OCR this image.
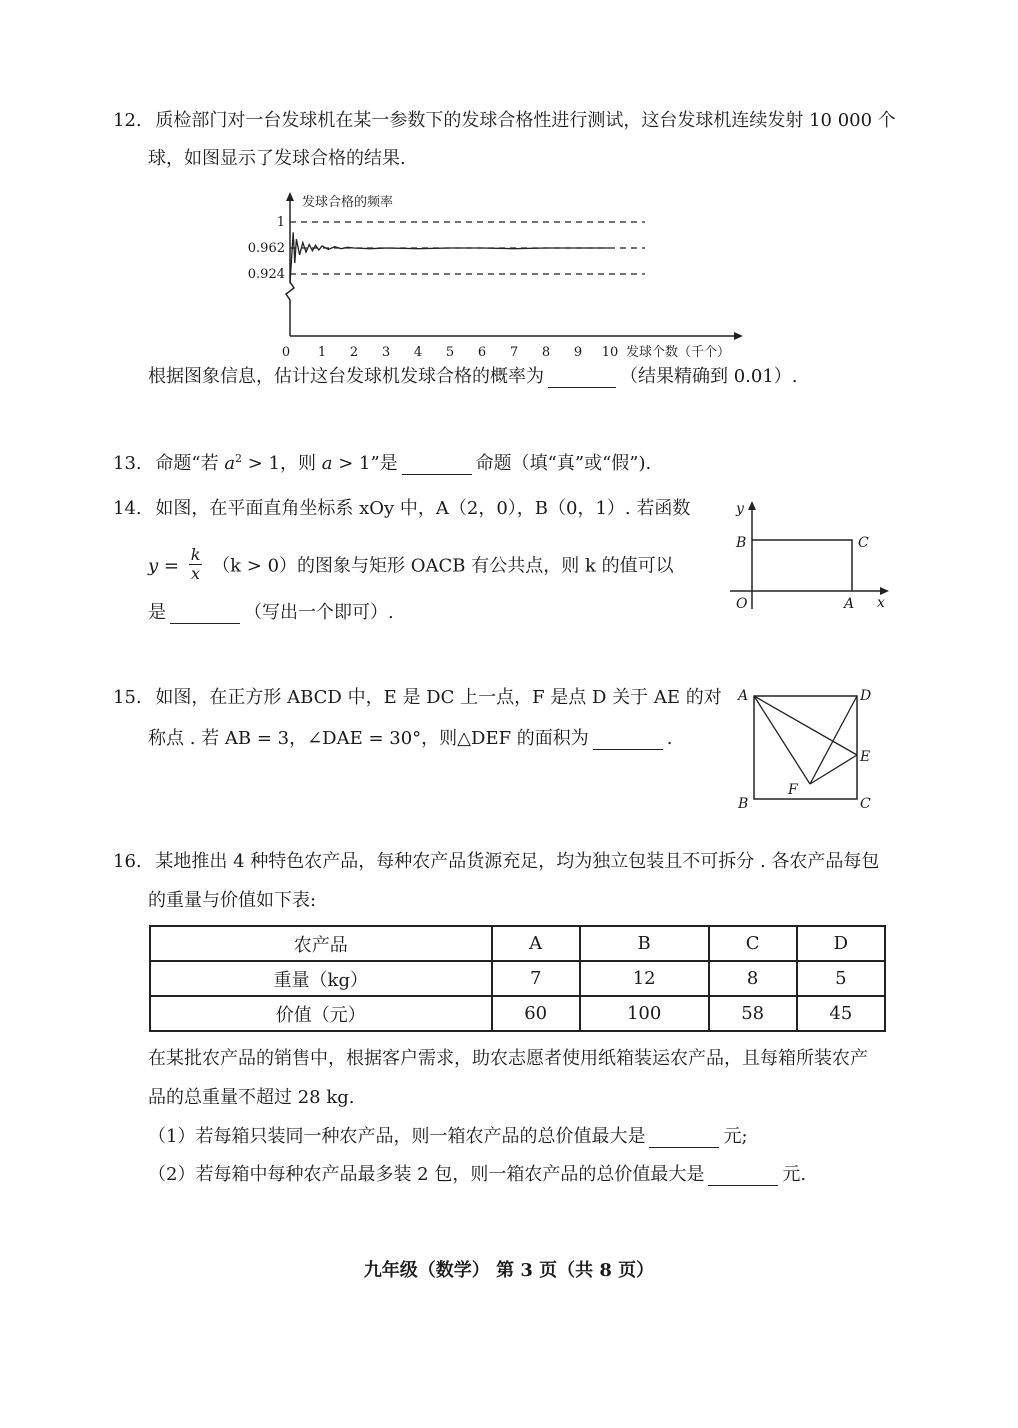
12. 质检部门对一台发球机在某一参数下的发球合格性进行测试，这台发球机连续发射 10 000 个
球，如图显示了发球合格的结果.
发球合格的频率
1
0.962
0.924
0 1 2 3 4 5 6 7 8 9 10 发球个数（千个）
根据图象信息，估计这台发球机发球合格的概率为	（结果精确到 0.01）.
13. 命题“若 $a^2 > 1$，则 a > 1”是	命题（填“真”或“假”).
14. 如图，在平面直角坐标系 xOy 中，A（2，0），B（0，1）. 若函数
$y = \frac{k}{x} (k > 0)$的图象与矩形 OACB 有公共点，则 k 的值可以
是	（写出一个即可）.
y
x
O	A
B	C
15. 如图，在正方形 ABCD 中，E 是 DC 上一点，F 是点 D 关于 AE 的对
称点 . 若 AB = 3，∠DAE = 30°，则△DEF 的面积为	.
A	D
E
F
B	C
16. 某地推出 4 种特色农产品，每种农产品货源充足，均为独立包装且不可拆分 . 各农产品每包
的重量与价值如下表:
农产品	A	B	C	D
重量（kg）	7	12	8	5
价值（元）	60	100	58	45
在某批农产品的销售中，根据客户需求，助农志愿者使用纸箱装运农产品，且每箱所装农产
品的总重量不超过 28 kg.
（1）若每箱只装同一种农产品，则一箱农产品的总价值最大是	元;
（2）若每箱中每种农产品最多装 2 包，则一箱农产品的总价值最大是	元.
九年级（数学） 第 3 页（共 8 页）
